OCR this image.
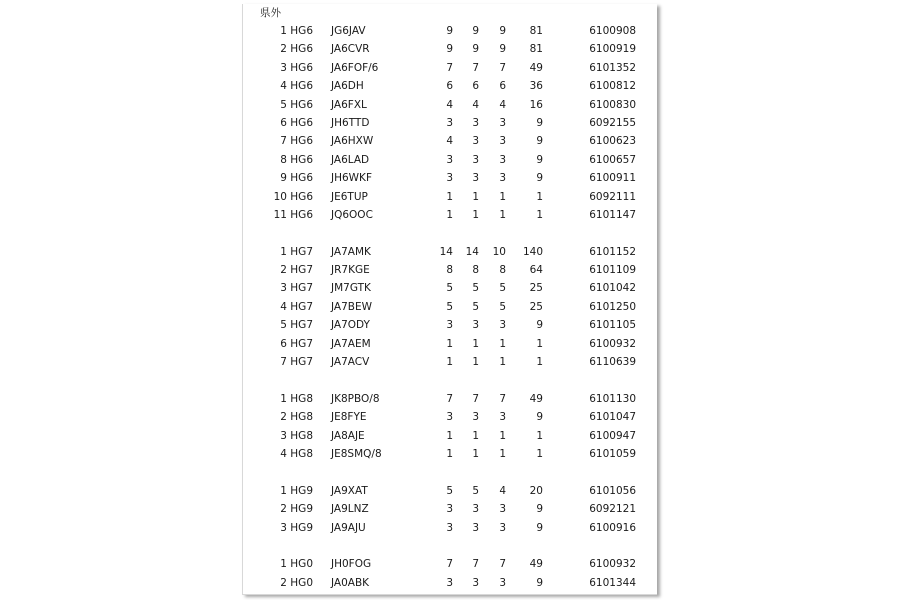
県外
1 HG6 JG6JAV	9 9 9 81	6100908
2 HG6 JA6CVR	9 9 9 81	6100919
3 HG6 JA6FOF/6	7 7 7 49	6101352
4 HG6 JA6DH	6 6 6 36	6100812
5 HG6 JA6FXL	4 4 4 16	6100830
6 HG6 JH6TTD	3 3 3	9	6092155
7 HG6 JA6HXW	4 3 3	9	6100623
8 HG6 JA6LAD	3 3 3	9	6100657
9 HG6 JH6WKF	3 3 3	9	6100911
10 HG6 JE6TUP	1 1 1	1	6092111
11 HG6 JQ6OOC	1 1 1	1	6101147
1 HG7 JA7AMK	14 14 10 140	6101152
2 HG7 JR7KGE	8 8 8 64	6101109
3 HG7 JM7GTK	5 5 5 25	6101042
4 HG7 JA7BEW	5 5 5 25	6101250
5 HG7 JA7ODY	3 3 3	9	6101105
6 HG7 JA7AEM	1 1 1	1	6100932
7 HG7 JA7ACV	1 1 1	1	6110639
1 HG8 JK8PBO/8	7 7 7 49	6101130
2 HG8 JE8FYE	3 3 3	9	6101047
3 HG8 JA8AJE	1 1 1	1	6100947
4 HG8 JE8SMQ/8	1 1 1	1	6101059
1 HG9 JA9XAT	5 5 4 20	6101056
2 HG9 JA9LNZ	3 3 3	9	6092121
3 HG9 JA9AJU	3 3 3	9	6100916
1 HG0 JH0FOG	7 7 7 49	6100932
2 HG0 JA0ABK	3 3 3	9	6101344
